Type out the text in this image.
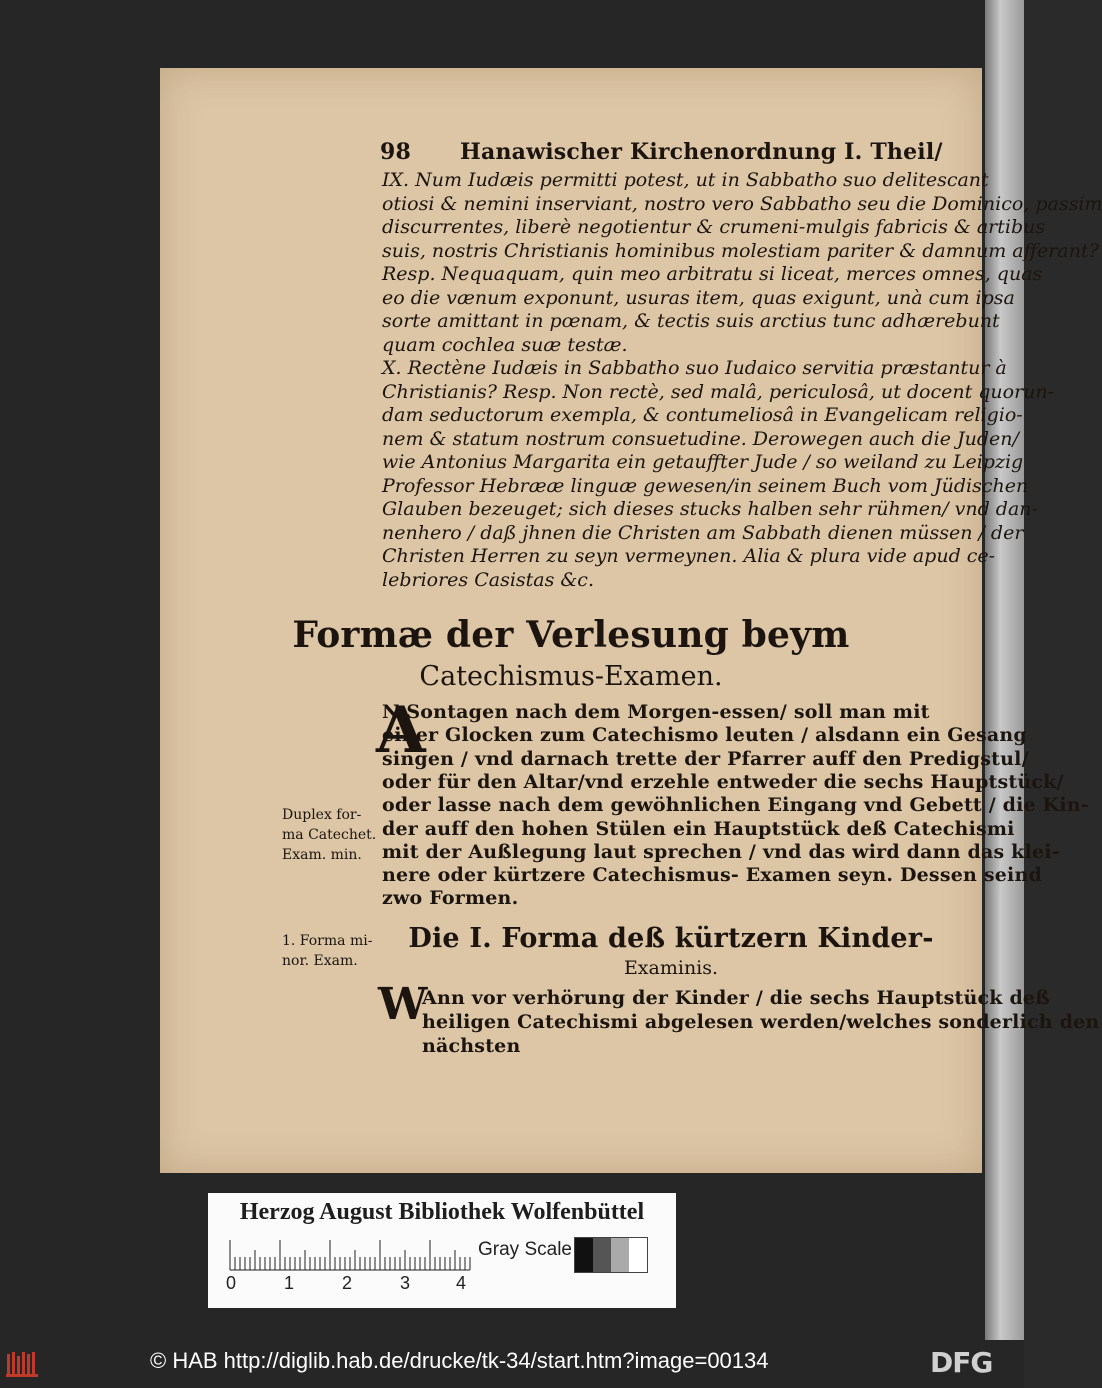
98 Hanawischer Kirchenordnung I. Theil/
IX. Num Iudæis permitti potest, ut in Sabbatho suo delitescant
otiosi & nemini inserviant, nostro vero Sabbatho seu die Dominico, passim
discurrentes, liberè negotientur & crumeni-mulgis fabricis & artibus
suis, nostris Christianis hominibus molestiam pariter & damnum afferant?
Resp. Nequaquam, quin meo arbitratu si liceat, merces omnes, quas
eo die vænum exponunt, usuras item, quas exigunt, unà cum ipsa
sorte amittant in pœnam, & tectis suis arctius tunc adhærebunt
quam cochlea suæ testæ.
X. Rectène Iudæis in Sabbatho suo Iudaico servitia præstantur à
Christianis? Resp. Non rectè, sed malâ, periculosâ, ut docent quorun-
dam seductorum exempla, & contumeliosâ in Evangelicam religio-
nem & statum nostrum consuetudine. Derowegen auch die Juden/
wie Antonius Margarita ein getauffter Jude / so weiland zu Leipzig
Professor Hebrææ linguæ gewesen/in seinem Buch vom Jüdischen
Glauben bezeuget; sich dieses stucks halben sehr rühmen/ vnd dan-
nenhero / daß jhnen die Christen am Sabbath dienen müssen / der
Christen Herren zu seyn vermeynen. Alia & plura vide apud ce-
lebriores Casistas &c.
Formæ der Verlesung beym
Catechismus-Examen.
A
N Sontagen nach dem Morgen-essen/ soll man mit
einer Glocken zum Catechismo leuten / alsdann ein Gesang
singen / vnd darnach trette der Pfarrer auff den Predigstul/
oder für den Altar/vnd erzehle entweder die sechs Hauptstück/
oder lasse nach dem gewöhnlichen Eingang vnd Gebett / die Kin-
der auff den hohen Stülen ein Hauptstück deß Catechismi
mit der Außlegung laut sprechen / vnd das wird dann das klei-
nere oder kürtzere Catechismus- Examen seyn. Dessen seind
zwo Formen.
Duplex for-
ma Catechet.
Exam. min.
Die I. Forma deß kürtzern Kinder-
Examinis.
1. Forma mi-
nor. Exam.
W
Ann vor verhörung der Kinder / die sechs Hauptstück deß
heiligen Catechismi abgelesen werden/welches sonderlich den
nächsten
Herzog August Bibliothek Wolfenbüttel
0	1	2	3	4
Gray Scale
© HAB http://diglib.hab.de/drucke/tk-34/start.htm?image=00134	DFG
